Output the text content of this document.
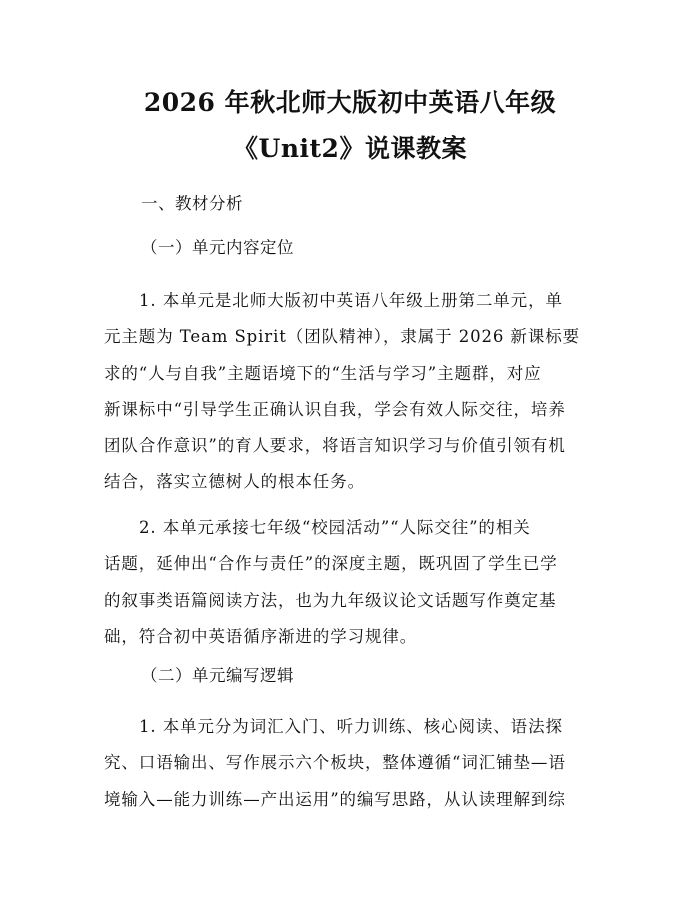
2026 年秋北师大版初中英语八年级
《Unit2》说课教案
一、教材分析
（一）单元内容定位
1. 本单元是北师大版初中英语八年级上册第二单元，单
元主题为 Team Spirit（团队精神），隶属于 2026 新课标要
求的“人与自我”主题语境下的“生活与学习”主题群，对应
新课标中“引导学生正确认识自我，学会有效人际交往，培养
团队合作意识”的育人要求，将语言知识学习与价值引领有机
结合，落实立德树人的根本任务。
2. 本单元承接七年级“校园活动”“人际交往”的相关
话题，延伸出“合作与责任”的深度主题，既巩固了学生已学
的叙事类语篇阅读方法，也为九年级议论文话题写作奠定基
础，符合初中英语循序渐进的学习规律。
（二）单元编写逻辑
1. 本单元分为词汇入门、听力训练、核心阅读、语法探
究、口语输出、写作展示六个板块，整体遵循“词汇铺垫—语
境输入—能力训练—产出运用”的编写思路，从认读理解到综
